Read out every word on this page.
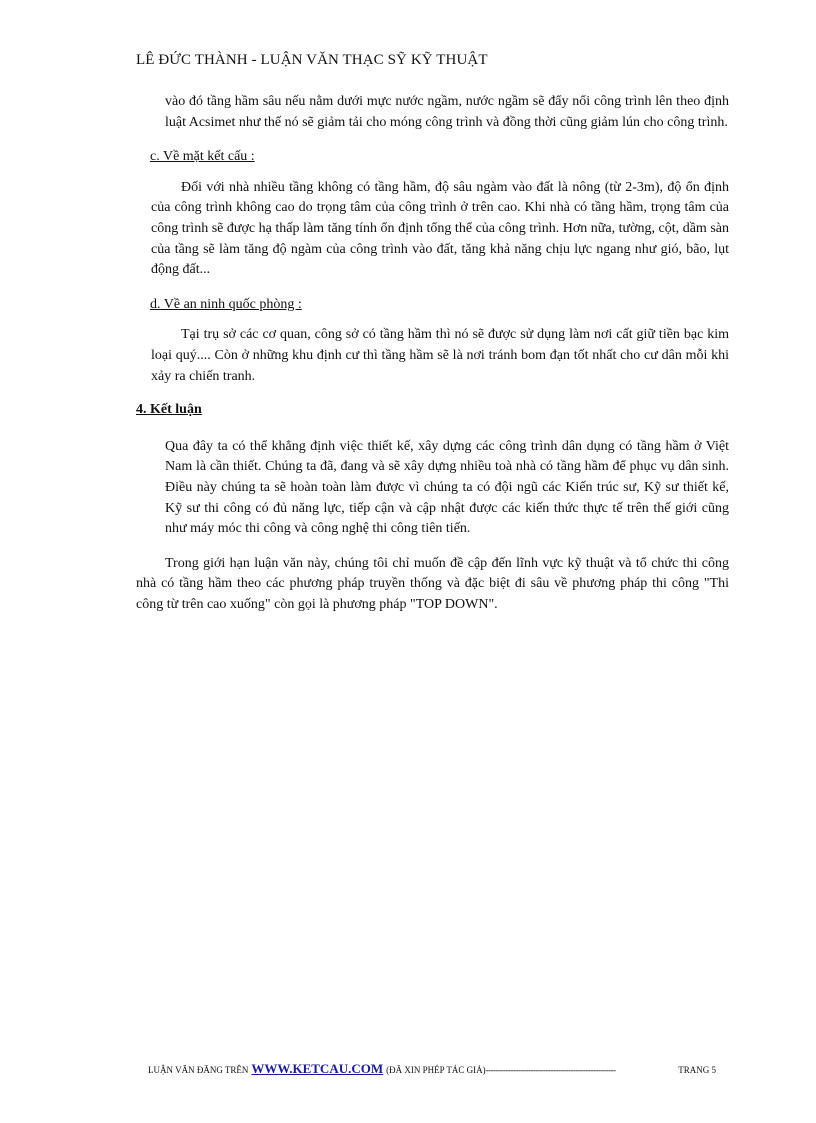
LÊ ĐỨC THÀNH - LUẬN VĂN THẠC SỸ KỸ THUẬT

vào đó tầng hầm sâu nếu nằm dưới mực nước ngầm, nước ngầm sẽ đẩy nổi công trình lên theo định luật Acsimet như thế nó sẽ giảm tải cho móng công trình và đồng thời cũng giảm lún cho công trình.

c. Về mặt kết cấu :

Đối với nhà nhiều tầng không có tầng hầm, độ sâu ngàm vào đất là nông (từ 2-3m), độ ổn định của công trình không cao do trọng tâm của công trình ở trên cao. Khi nhà có tầng hầm, trọng tâm của công trình sẽ được hạ thấp làm tăng tính ổn định tổng thể của công trình. Hơn nữa, tường, cột, dầm sàn của tầng sẽ làm tăng độ ngàm của công trình vào đất, tăng khả năng chịu lực ngang như gió, bão, lụt động đất...

d. Về an ninh quốc phòng :

Tại trụ sở các cơ quan, công sở có tầng hầm thì nó sẽ được sử dụng làm nơi cất giữ tiền bạc kim loại quý.... Còn ở những khu định cư thì tầng hầm sẽ là nơi tránh bom đạn tốt nhất cho cư dân mỗi khi xảy ra chiến tranh.

4. Kết luận

Qua đây ta có thể khẳng định việc thiết kế, xây dựng các công trình dân dụng có tầng hầm ở Việt Nam là cần thiết. Chúng ta đã, đang và sẽ xây dựng nhiều toà nhà có tầng hầm để phục vụ dân sinh. Điều này chúng ta sẽ hoàn toàn làm được vì chúng ta có đội ngũ các Kiến trúc sư, Kỹ sư thiết kế, Kỹ sư thi công có đủ năng lực, tiếp cận và cập nhật được các kiến thức thực tế trên thế giới cũng như máy móc thi công và công nghệ thi công tiên tiến.

Trong giới hạn luận văn này, chúng tôi chỉ muốn đề cập đến lĩnh vực kỹ thuật và tổ chức thi công nhà có tầng hầm theo các phương pháp truyền thống và đặc biệt đi sâu về phương pháp thi công "Thi công từ trên cao xuống" còn gọi là phương pháp "TOP DOWN".

LUẬN VĂN ĐĂNG TRÊN WWW.KETCAU.COM (ĐÃ XIN PHÉP TÁC GIẢ) ----------------------------------------------------	TRANG 5
